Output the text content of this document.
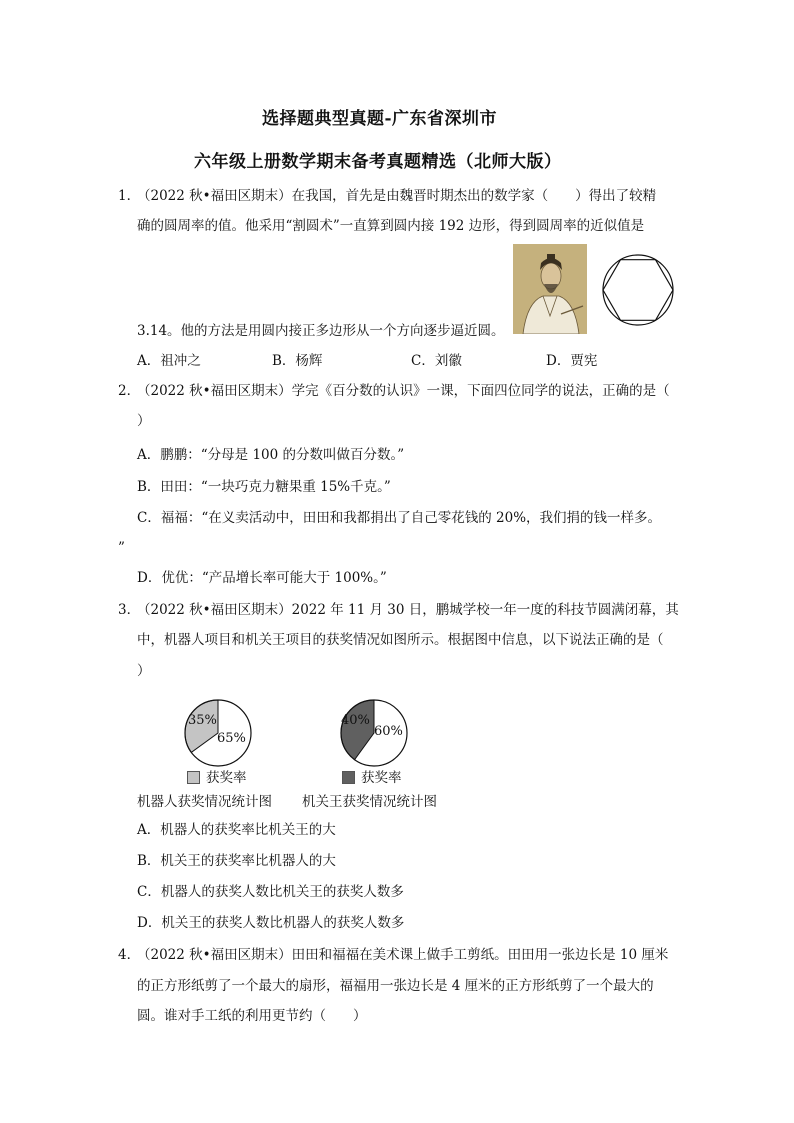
选择题典型真题-广东省深圳市
六年级上册数学期末备考真题精选（北师大版）
1．
（2022 秋•福田区期末）在我国，首先是由魏晋时期杰出的数学家（　　）得出了较精
确的圆周率的值。他采用“割圆术”一直算到圆内接 192 边形，得到圆周率的近似值是
3.14。他的方法是用圆内接正多边形从一个方向逐步逼近圆。
A．祖冲之	B．杨辉	C．刘徽	D．贾宪
2．
（2022 秋•福田区期末）学完《百分数的认识》一课，下面四位同学的说法，正确的是（
）
A．鹏鹏：“分母是 100 的分数叫做百分数。”
B．田田：“一块巧克力糖果重 15%千克。”
C．福福：“在义卖活动中，田田和我都捐出了自己零花钱的 20%，我们捐的钱一样多。
”
D．优优：“产品增长率可能大于 100%。”
3．
（2022 秋•福田区期末）2022 年 11 月 30 日，鹏城学校一年一度的科技节圆满闭幕，其
中，机器人项目和机关王项目的获奖情况如图所示。根据图中信息，以下说法正确的是（
）
35%
65%
获奖率
机器人获奖情况统计图
40%
60%
获奖率
机关王获奖情况统计图
A．机器人的获奖率比机关王的大
B．机关王的获奖率比机器人的大
C．机器人的获奖人数比机关王的获奖人数多
D．机关王的获奖人数比机器人的获奖人数多
4．
（2022 秋•福田区期末）田田和福福在美术课上做手工剪纸。田田用一张边长是 10 厘米
的正方形纸剪了一个最大的扇形，福福用一张边长是 4 厘米的正方形纸剪了一个最大的
圆。谁对手工纸的利用更节约（　　）
